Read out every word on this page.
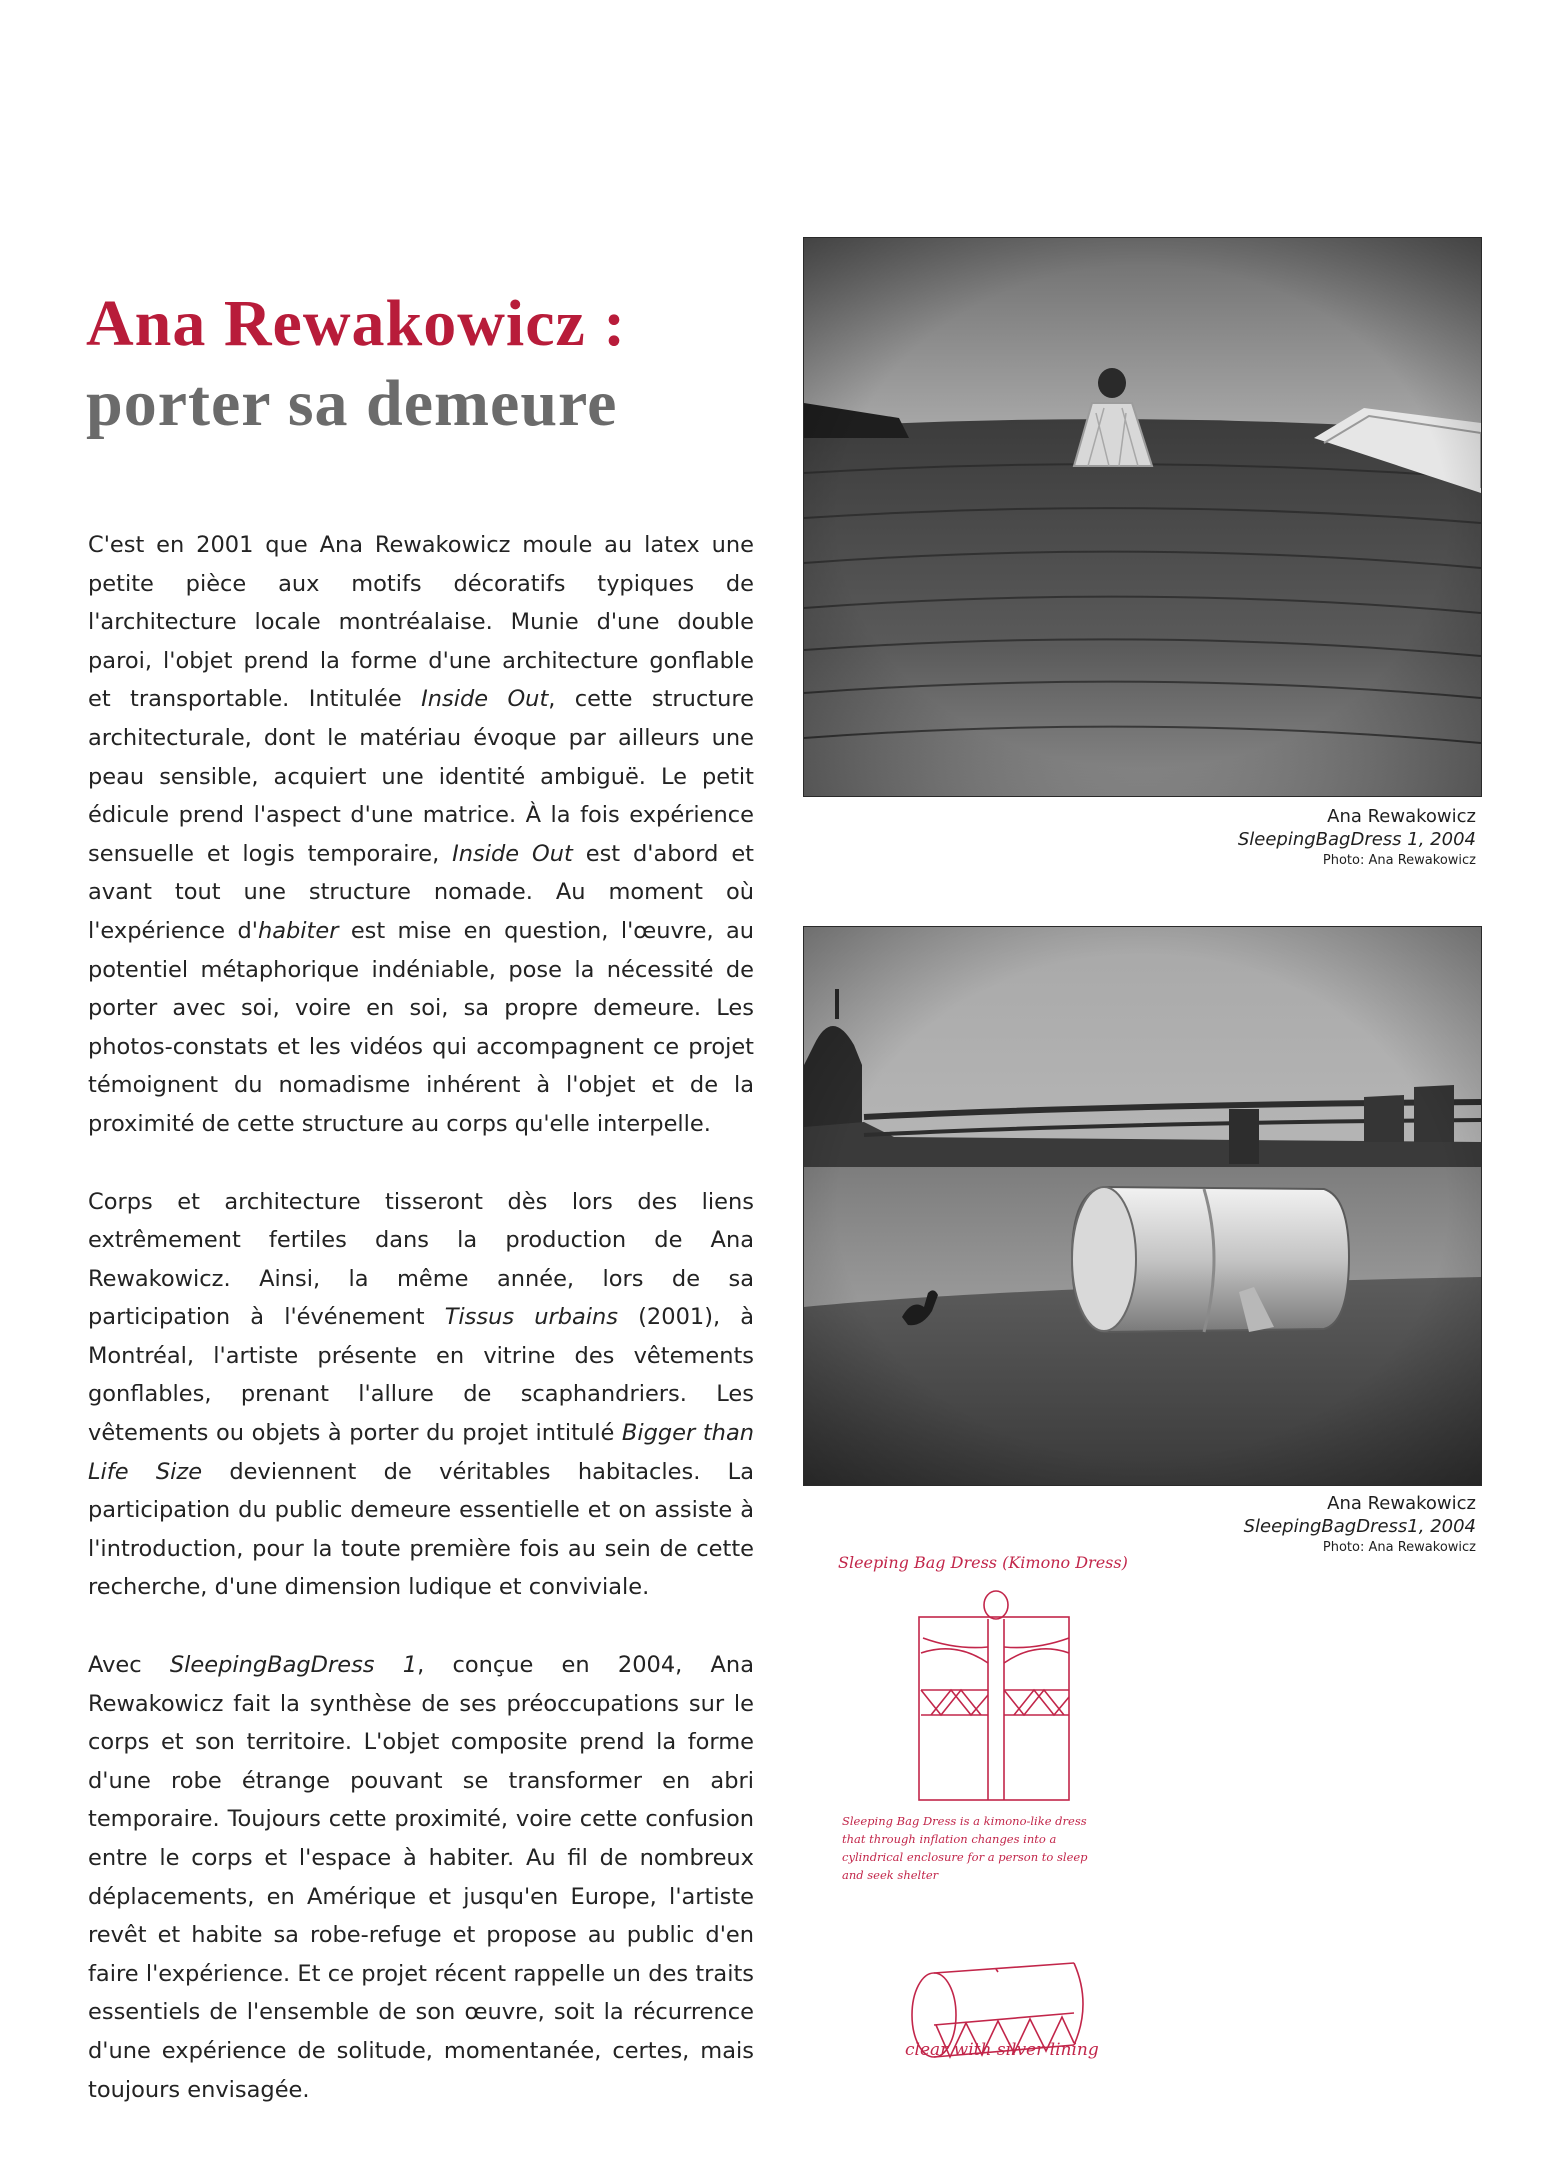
Ana Rewakowicz :
porter sa demeure

C'est en 2001 que Ana Rewakowicz moule au latex une petite pièce aux motifs décoratifs typiques de l'architecture locale montréalaise. Munie d'une double paroi, l'objet prend la forme d'une architecture gonflable et transportable. Intitulée Inside Out, cette structure architecturale, dont le matériau évoque par ailleurs une peau sensible, acquiert une identité ambiguë. Le petit édicule prend l'aspect d'une matrice. À la fois expérience sensuelle et logis temporaire, Inside Out est d'abord et avant tout une structure nomade. Au moment où l'expérience d'habiter est mise en question, l'œuvre, au potentiel métaphorique indéniable, pose la nécessité de porter avec soi, voire en soi, sa propre demeure. Les photos-constats et les vidéos qui accompagnent ce projet témoignent du nomadisme inhérent à l'objet et de la proximité de cette structure au corps qu'elle interpelle.

Corps et architecture tisseront dès lors des liens extrêmement fertiles dans la production de Ana Rewakowicz. Ainsi, la même année, lors de sa participation à l'événement Tissus urbains (2001), à Montréal, l'artiste présente en vitrine des vêtements gonflables, prenant l'allure de scaphandriers. Les vêtements ou objets à porter du projet intitulé Bigger than Life Size deviennent de véritables habitacles. La participation du public demeure essentielle et on assiste à l'introduction, pour la toute première fois au sein de cette recherche, d'une dimension ludique et conviviale.

Avec SleepingBagDress 1, conçue en 2004, Ana Rewakowicz fait la synthèse de ses préoccupations sur le corps et son territoire. L'objet composite prend la forme d'une robe étrange pouvant se transformer en abri temporaire. Toujours cette proximité, voire cette confusion entre le corps et l'espace à habiter. Au fil de nombreux déplacements, en Amérique et jusqu'en Europe, l'artiste revêt et habite sa robe-refuge et propose au public d'en faire l'expérience. Et ce projet récent rappelle un des traits essentiels de l'ensemble de son œuvre, soit la récurrence d'une expérience de solitude, momentanée, certes, mais toujours envisagée.

Ana Rewakowicz
SleepingBagDress 1, 2004
Photo: Ana Rewakowicz
Ana Rewakowicz
SleepingBagDress1, 2004
Photo: Ana Rewakowicz
Sleeping Bag Dress (Kimono Dress)
Sleeping Bag Dress is a kimono-like dress that through inflation changes into a cylindrical enclosure for a person to sleep and seek shelter
clear with silver lining
